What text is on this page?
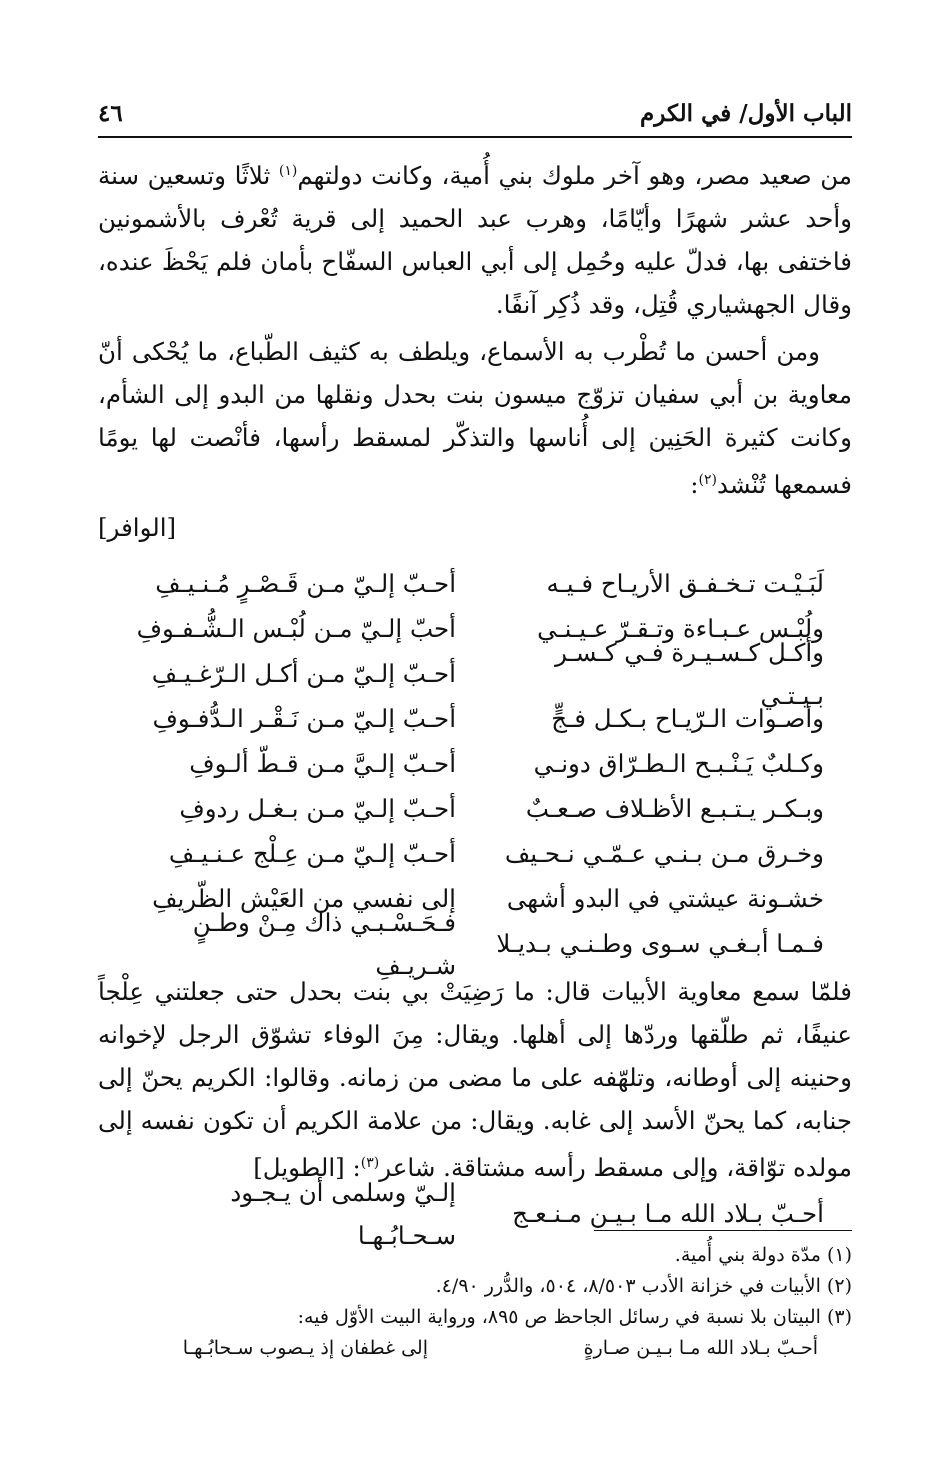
الباب الأول/ في الكرم
٤٦

من صعيد مصر، وهو آخر ملوك بني أُمية، وكانت دولتهم$^{(١)}$ ثلاثًا وتسعين سنة وأحد عشر شهرًا وأيّامًا، وهرب عبد الحميد إلى قرية تُعْرف بالأشمونين فاختفى بها، فدلّ عليه وحُمِل إلى أبي العباس السفّاح بأمان فلم يَحْظَ عنده، وقال الجهشياري قُتِل، وقد ذُكِر آنفًا.

ومن أحسن ما تُطْرب به الأسماع، ويلطف به كثيف الطّباع، ما يُحْكى أنّ معاوية بن أبي سفيان تزوّج ميسون بنت بحدل ونقلها من البدو إلى الشأم، وكانت كثيرة الحَنِين إلى أُناسها والتذكّر لمسقط رأسها، فأنْصت لها يومًا فسمعها تُنْشد$^{(٢)}$:

[الوافر]

لَبَـيْـت تـخـفـق الأريـاح فـيـه
أحـبّ إلـيّ مـن قَـصْـرٍ مُـنـيـفِ
ولُبْـس عـبـاءة وتـقـرّ عـيـنـي
أحبّ إلـيّ مـن لُبْـس الـشُّـفـوفِ
وأكـل كـسـيـرة فـي كـسـر بـيـتـي
أحـبّ إلـيّ مـن أكـل الـرّغـيـفِ
وأصـوات الـرّيـاح بـكـل فـجٍّ
أحـبّ إلـيّ مـن نَـقْـر الـدُّفـوفِ
وكـلبٌ يَـنْـبـح الـطـرّاق دونـي
أحـبّ إلـيَّ مـن قـطّ ألـوفِ
وبـكـر يـتـبـع الأظـلاف صـعـبٌ
أحـبّ إلـيّ مـن بـغـل ردوفِ
وخـرق مـن بـنـي عـمّـي نـحـيف
أحـبّ إلـيّ مـن عِـلْج عـنـيـفِ
خشـونة عيشتي في البدو أشهى
إلى نفسي من العَيْش الظّريفِ
فـمـا أبـغـي سـوى وطـنـي بـديـلا
فـحَـسْـبـي ذاك مِـنْ وطـنٍ شـريـفِ

فلمّا سمع معاوية الأبيات قال: ما رَضِيَتْ بي بنت بحدل حتى جعلتني عِلْجاً عنيفًا، ثم طلّقها وردّها إلى أهلها. ويقال: مِنَ الوفاء تشوّق الرجل لإخوانه وحنينه إلى أوطانه، وتلهّفه على ما مضى من زمانه. وقالوا: الكريم يحنّ إلى جنابه، كما يحنّ الأسد إلى غابه. ويقال: من علامة الكريم أن تكون نفسه إلى مولده توّاقة، وإلى مسقط رأسه مشتاقة. شاعر$^{(٣)}$: [الطويل]

أحـبّ بـلاد الله مـا بـيـن مـنـعـج
إلـيّ وسلمى أن يـجـود سـحـابُـهـا

(١) مدّة دولة بني أُمية.

(٢) الأبيات في خزانة الأدب ٨/٥٠٣، ٥٠٤، والدُّرر ٤/٩٠.

(٣) البيتان بلا نسبة في رسائل الجاحظ ص ٨٩٥، ورواية البيت الأوّل فيه:

أحـبّ بـلاد الله مـا بـيـن صـارةٍ
إلى غطفان إذ يـصوب سـحابُـهـا
